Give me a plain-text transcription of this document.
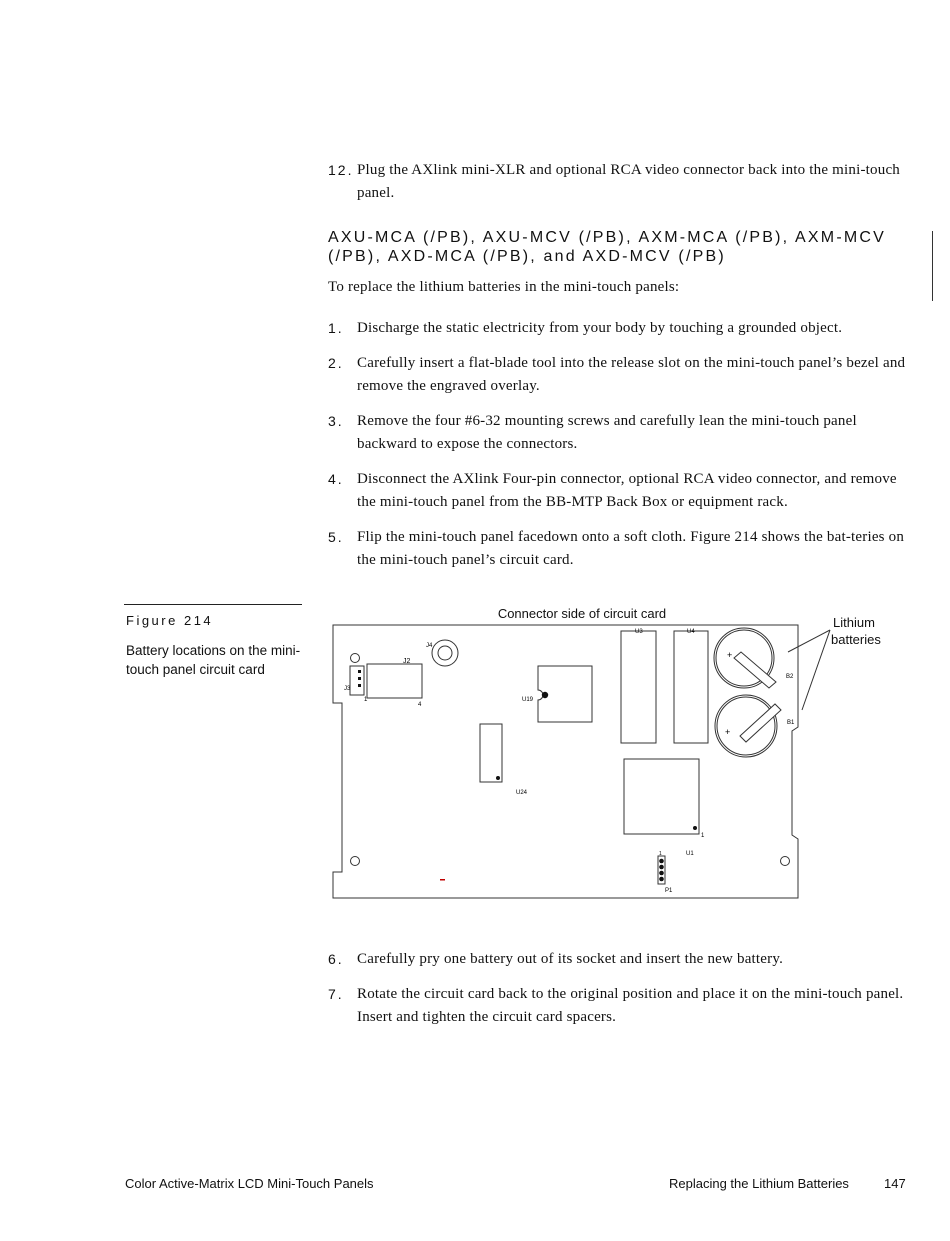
12. Plug the AXlink mini-XLR and optional RCA video connector back into the mini-touch panel.
AXU-MCA (/PB), AXU-MCV (/PB), AXM-MCA (/PB), AXM-MCV (/PB), AXD-MCA (/PB), and AXD-MCV (/PB)
To replace the lithium batteries in the mini-touch panels:
1. Discharge the static electricity from your body by touching a grounded object.
2. Carefully insert a flat-blade tool into the release slot on the mini-touch panel’s bezel and remove the engraved overlay.
3. Remove the four #6-32 mounting screws and carefully lean the mini-touch panel backward to expose the connectors.
4. Disconnect the AXlink Four-pin connector, optional RCA video connector, and remove the mini-touch panel from the BB-MTP Back Box or equipment rack.
5. Flip the mini-touch panel facedown onto a soft cloth. Figure 214 shows the bat-teries on the mini-touch panel’s circuit card.
Figure 214
Battery locations on the mini-touch panel circuit card
Connector side of circuit card
Lithium
batteries
J4
J2
J3
1
4
U19
U24
U3	U4
1
U1
+
B2
+
B1
1
P1
6. Carefully pry one battery out of its socket and insert the new battery.
7. Rotate the circuit card back to the original position and place it on the mini-touch panel. Insert and tighten the circuit card spacers.
Color Active-Matrix LCD Mini-Touch Panels	Replacing the Lithium Batteries	147
